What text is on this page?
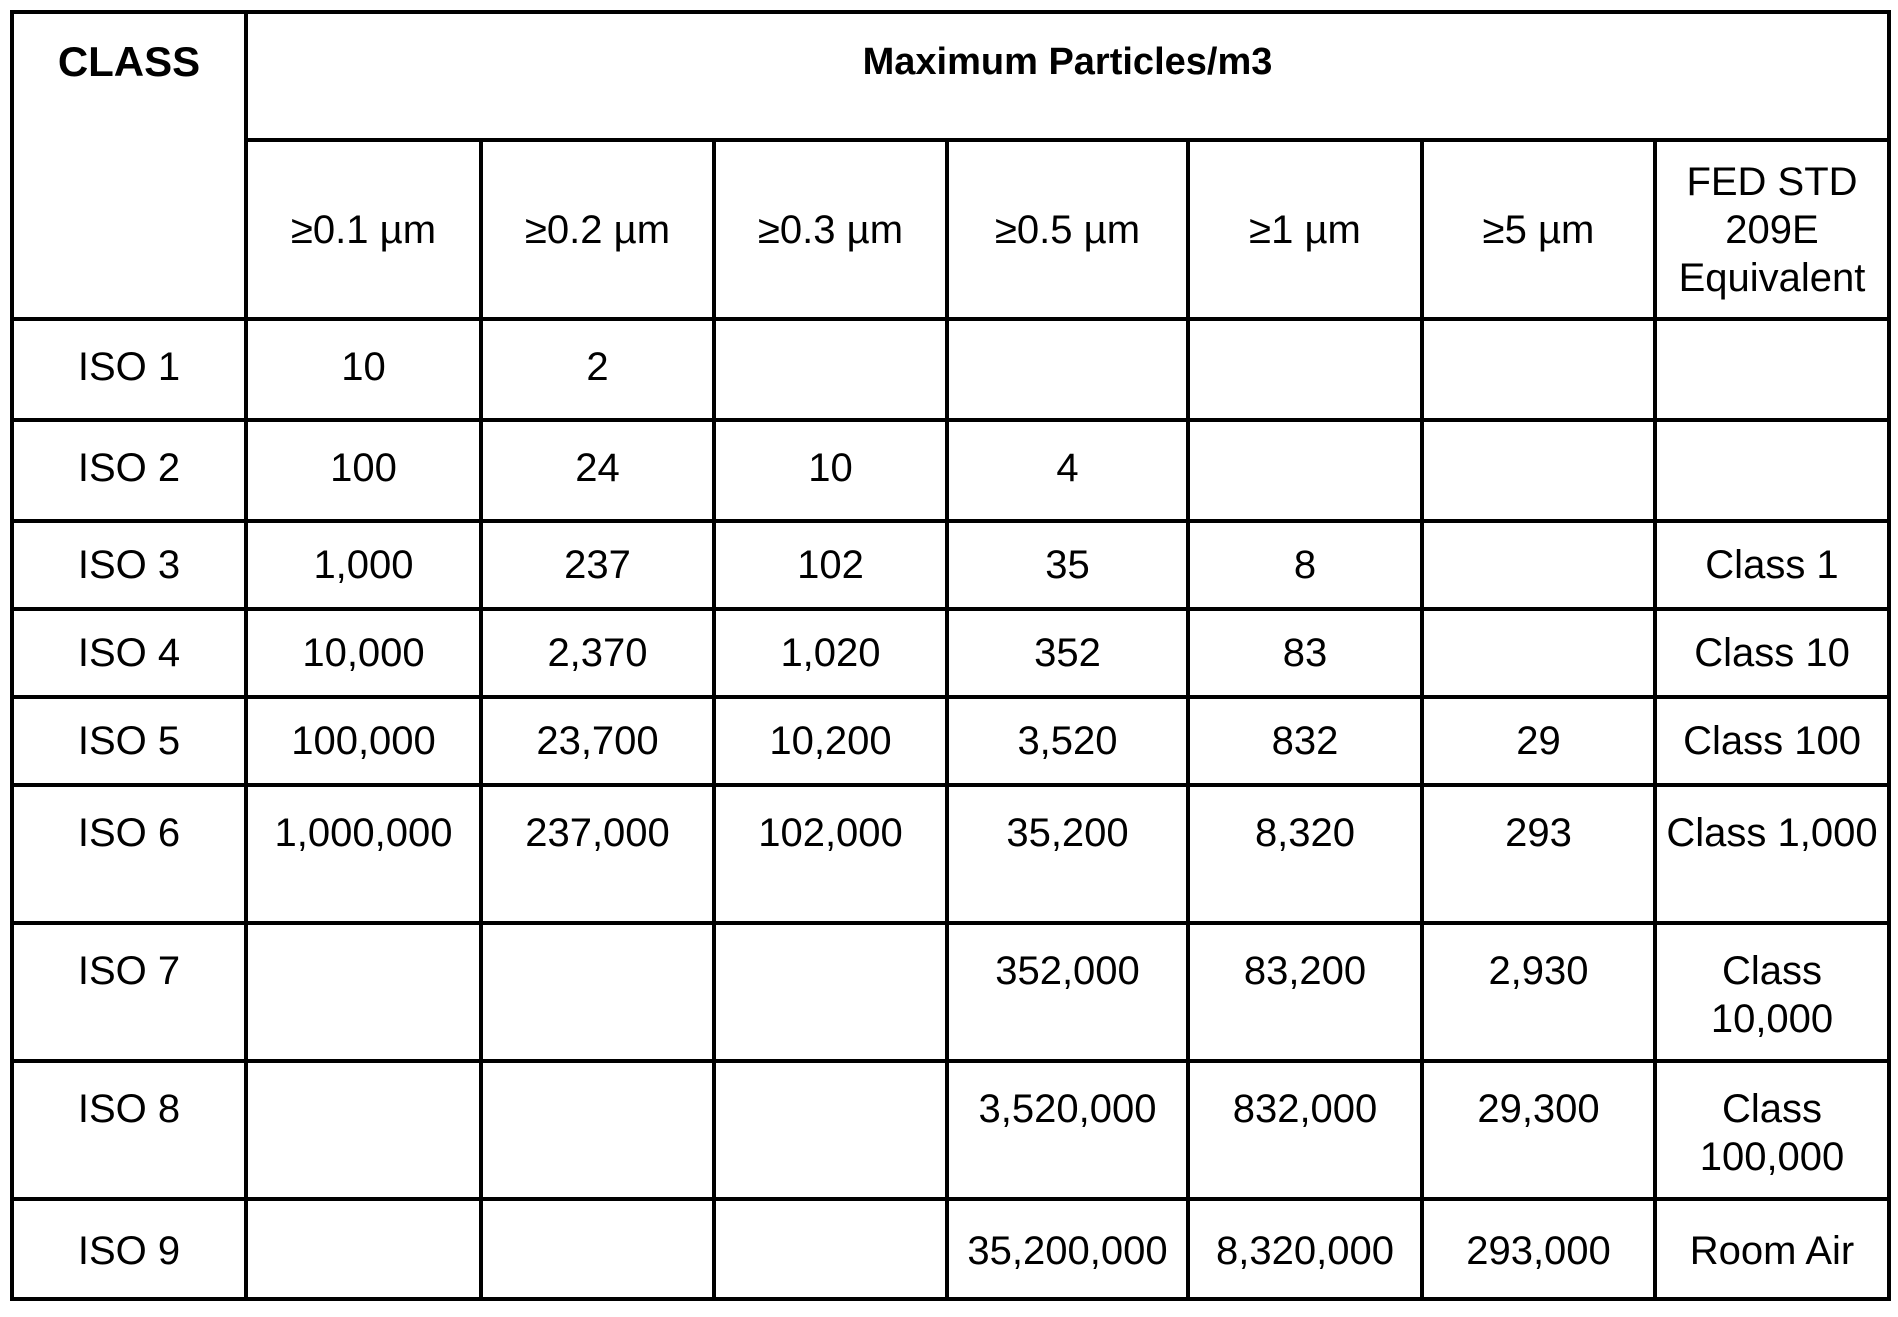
CLASS	Maximum Particles/m3						
	≥0.1 µm	≥0.2 µm	≥0.3 µm	≥0.5 µm	≥1 µm	≥5 µm	FED STD 209E Equivalent
ISO 1	10	2					
ISO 2	100	24	10	4			
ISO 3	1,000	237	102	35	8		Class 1
ISO 4	10,000	2,370	1,020	352	83		Class 10
ISO 5	100,000	23,700	10,200	3,520	832	29	Class 100
ISO 6	1,000,000	237,000	102,000	35,200	8,320	293	Class 1,000
ISO 7				352,000	83,200	2,930	Class 10,000
ISO 8				3,520,000	832,000	29,300	Class 100,000
ISO 9				35,200,000	8,320,000	293,000	Room Air
